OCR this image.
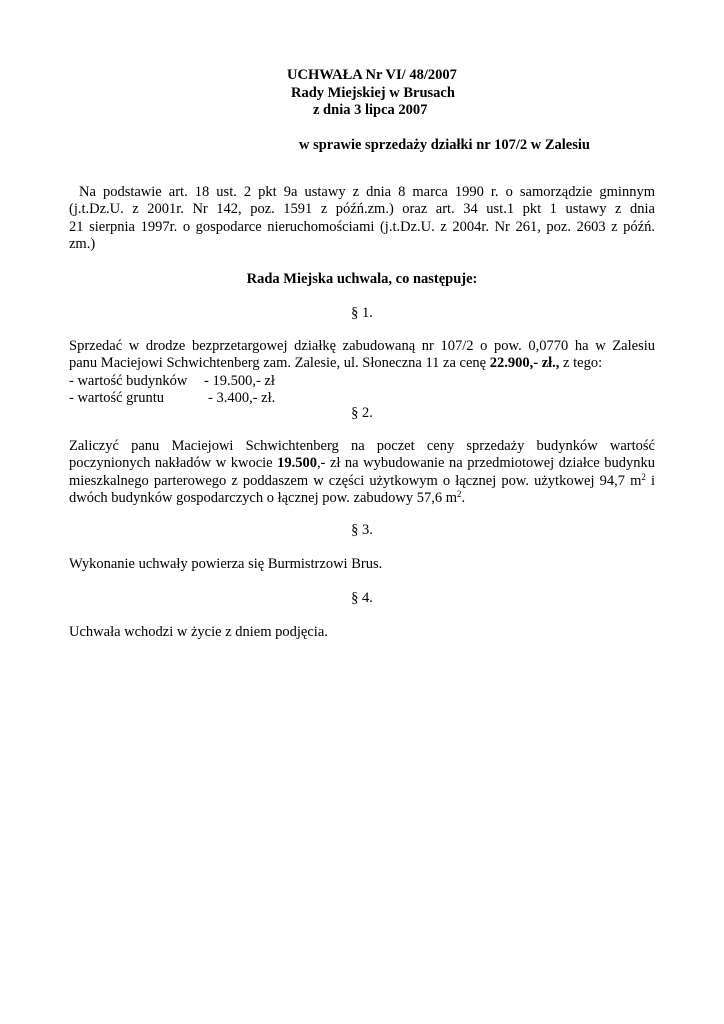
UCHWAŁA Nr VI/ 48/2007
Rady Miejskiej w Brusach
z dnia 3 lipca 2007
w sprawie sprzedaży działki nr 107/2 w Zalesiu
Na podstawie art. 18 ust. 2 pkt 9a ustawy z dnia 8 marca 1990 r. o samorządzie gminnym
(j.t.Dz.U. z 2001r. Nr 142, poz. 1591 z późń.zm.) oraz art. 34 ust.1 pkt 1 ustawy z dnia
21 sierpnia 1997r. o gospodarce nieruchomościami (j.t.Dz.U. z 2004r. Nr 261, poz. 2603 z późń.
zm.)
Rada Miejska uchwala, co następuje:
§ 1.
Sprzedać w drodze bezprzetargowej działkę zabudowaną nr 107/2 o pow. 0,0770 ha w Zalesiu
panu Maciejowi Schwichtenberg zam. Zalesie, ul. Słoneczna 11 za cenę 22.900,- zł., z tego:
- wartość budynków - 19.500,- zł
- wartość gruntu	- 3.400,- zł.
§ 2.
Zaliczyć panu Maciejowi Schwichtenberg na poczet ceny sprzedaży budynków wartość
poczynionych nakładów w kwocie 19.500,- zł na wybudowanie na przedmiotowej działce budynku
mieszkalnego parterowego z poddaszem w części użytkowym o łącznej pow. użytkowej 94,7 $m^2$ i
dwóch budynków gospodarczych o łącznej pow. zabudowy 57,6 $m^2$.
§ 3.
Wykonanie uchwały powierza się Burmistrzowi Brus.
§ 4.
Uchwała wchodzi w życie z dniem podjęcia.
